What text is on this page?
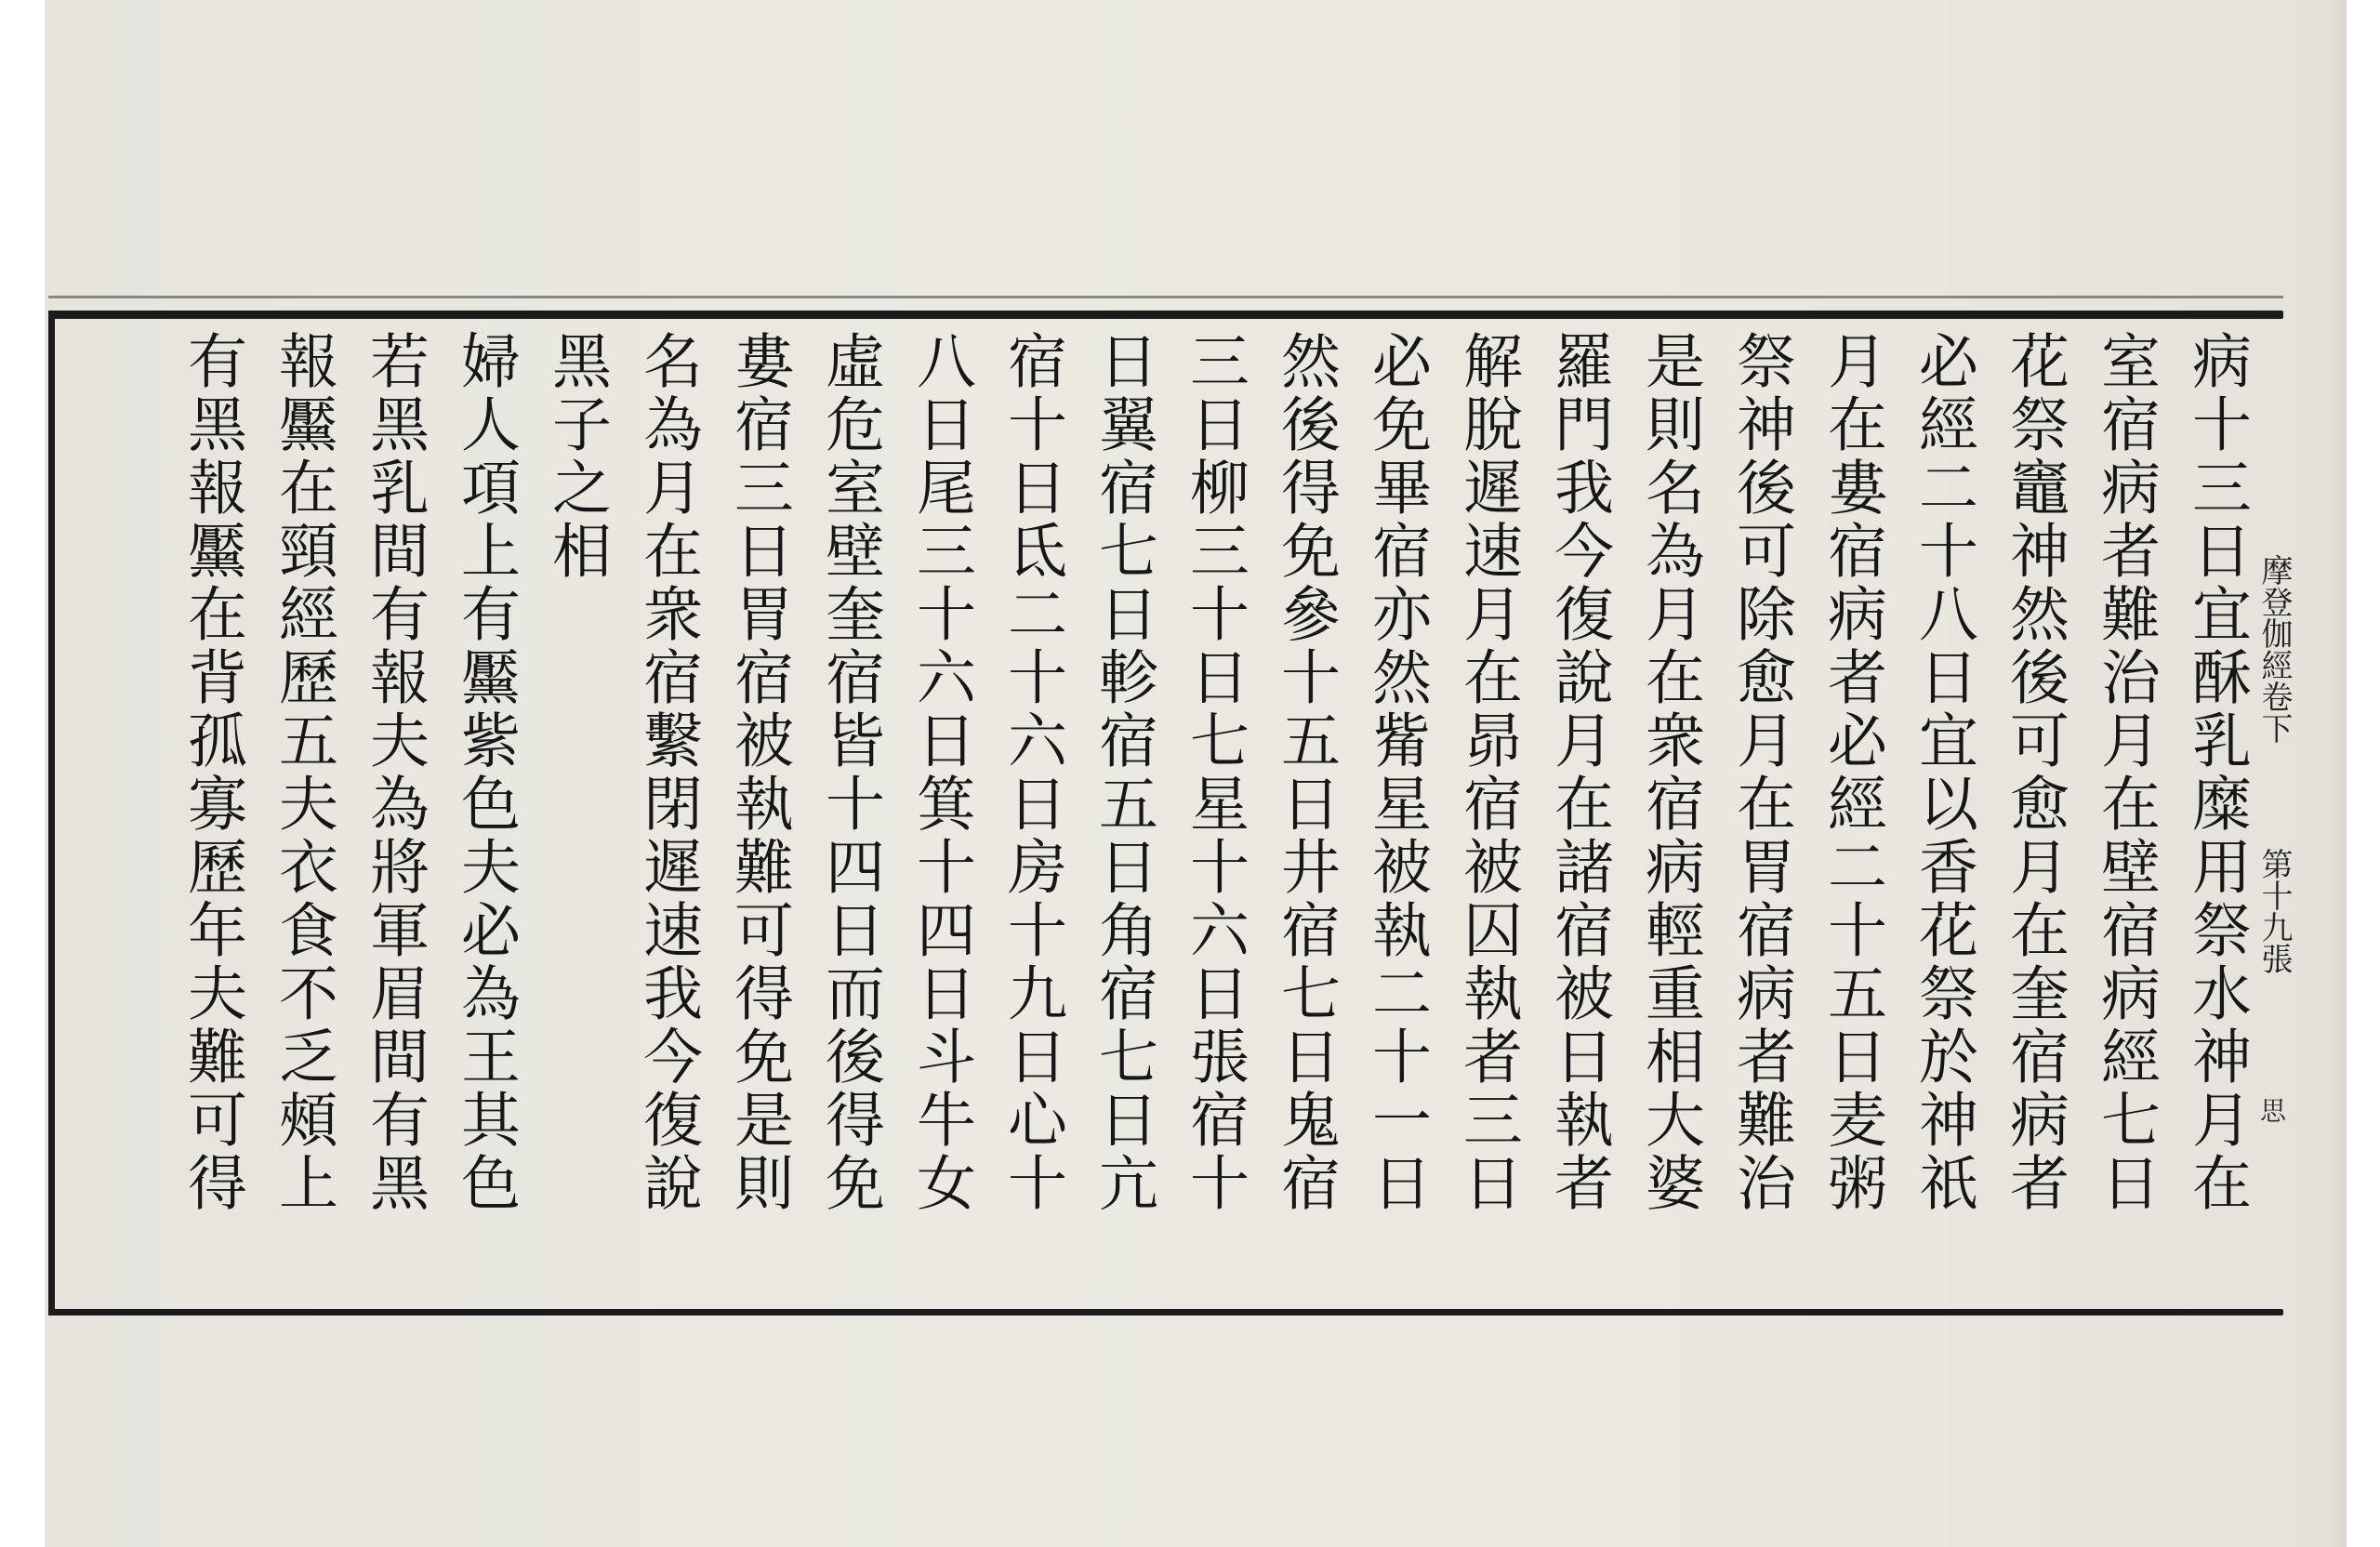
摩登伽經卷下
第十九張
思
病十三日宜酥乳糜用祭水神月在
室宿病者難治月在壁宿病經七日
花祭竈神然後可愈月在奎宿病者
必經二十八日宜以香花祭於神祇
月在婁宿病者必經二十五日麦粥
祭神後可除愈月在胃宿病者難治
是則名為月在衆宿病輕重相大婆
羅門我今復說月在諸宿被日執者
解脫遲速月在昴宿被囚執者三日
必免畢宿亦然觜星被執二十一日
然後得免參十五日井宿七日鬼宿
三日柳三十日七星十六日張宿十
日翼宿七日軫宿五日角宿七日亢
宿十日氐二十六日房十九日心十
八日尾三十六日箕十四日斗牛女
虛危室壁奎宿皆十四日而後得免
婁宿三日胃宿被執難可得免是則
名為月在衆宿繫閉遲速我今復說
黑子之相
婦人項上有黶紫色夫必為王其色
若黑乳間有報夫為將軍眉間有黑
報黶在頸經歷五夫衣食不乏頰上
有黑報黶在背孤寡歷年夫難可得
